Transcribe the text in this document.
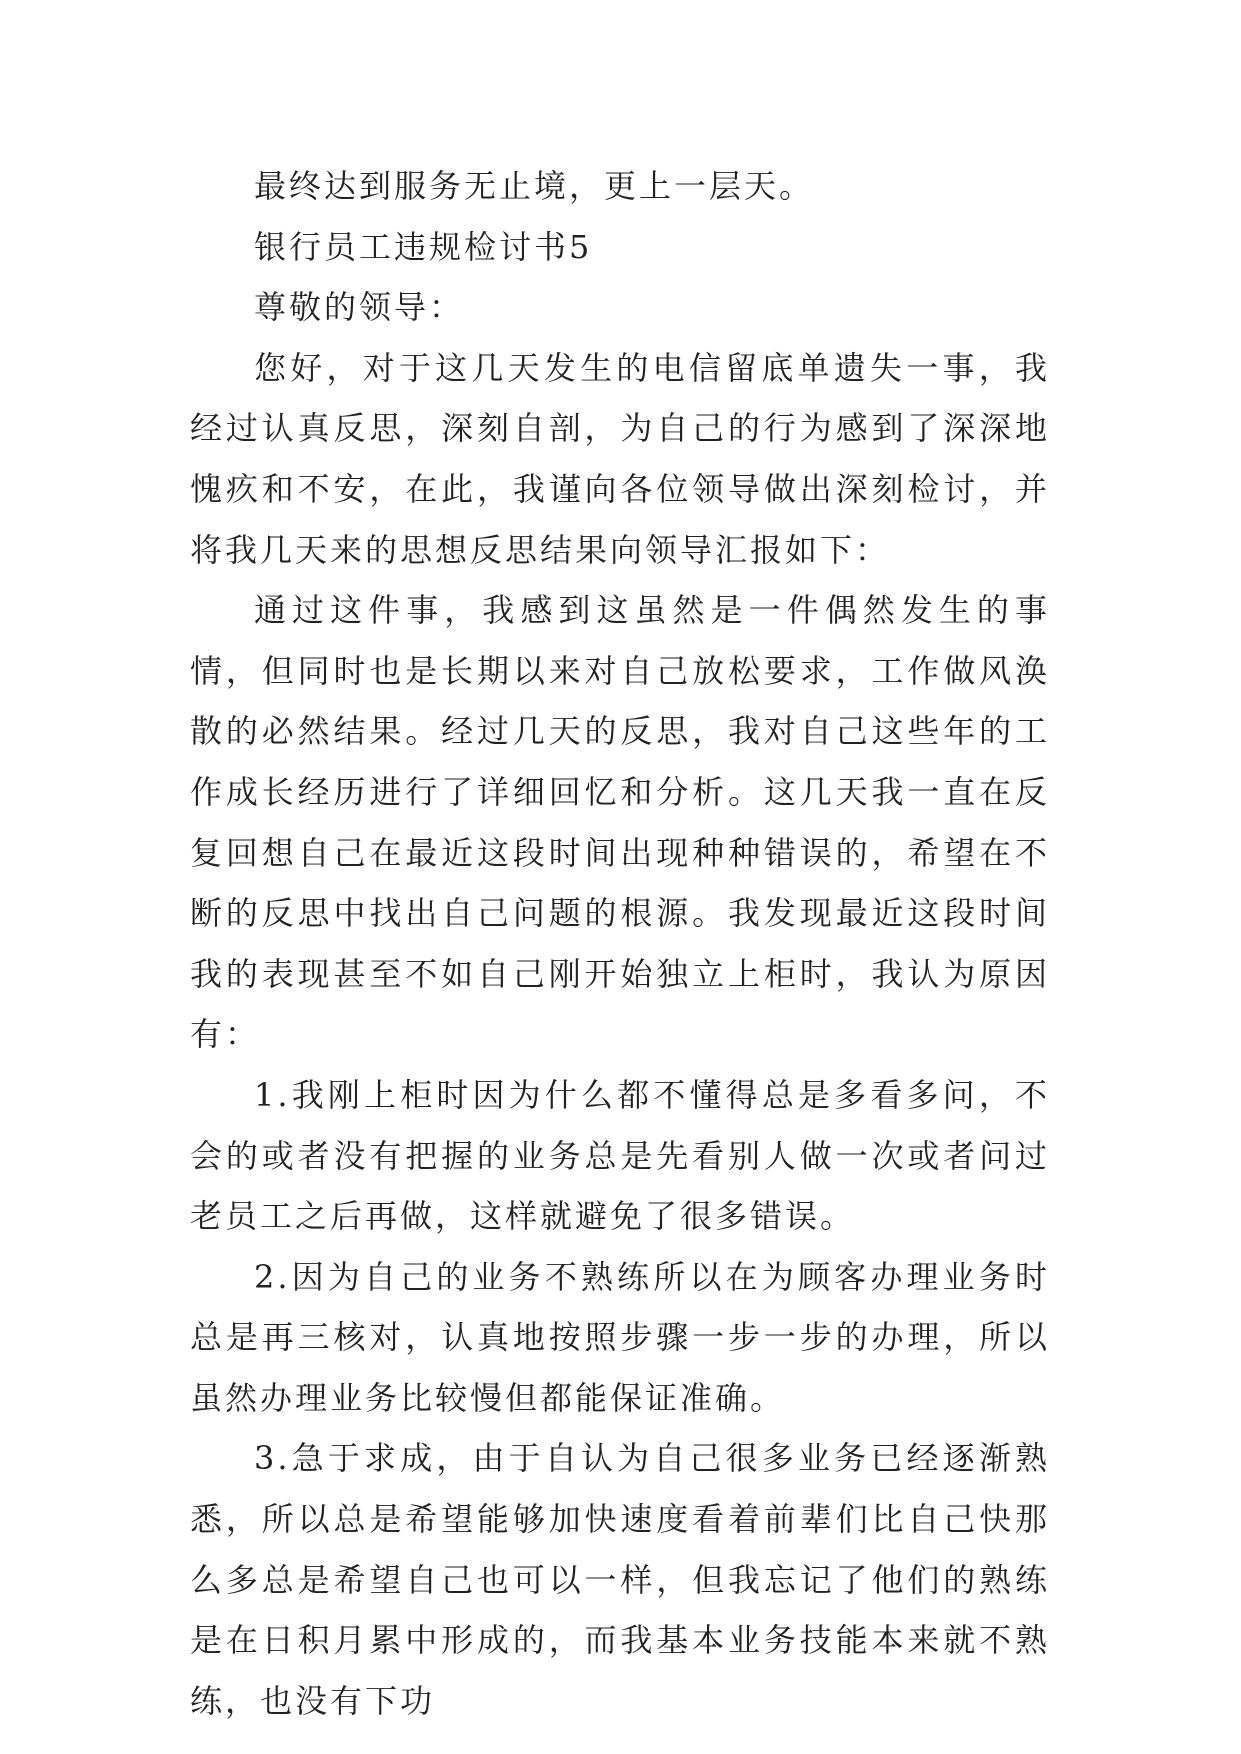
最终达到服务无止境，更上一层天。

银行员工违规检讨书5

尊敬的领导：

您好，对于这几天发生的电信留底单遗失一事，我经过认真反思，深刻自剖，为自己的行为感到了深深地愧疚和不安，在此，我谨向各位领导做出深刻检讨，并将我几天来的思想反思结果向领导汇报如下：

通过这件事，我感到这虽然是一件偶然发生的事情，但同时也是长期以来对自己放松要求，工作做风涣散的必然结果。经过几天的反思，我对自己这些年的工作成长经历进行了详细回忆和分析。这几天我一直在反复回想自己在最近这段时间出现种种错误的，希望在不断的反思中找出自己问题的根源。我发现最近这段时间我的表现甚至不如自己刚开始独立上柜时，我认为原因有：

1.我刚上柜时因为什么都不懂得总是多看多问，不会的或者没有把握的业务总是先看别人做一次或者问过老员工之后再做，这样就避免了很多错误。

2.因为自己的业务不熟练所以在为顾客办理业务时总是再三核对，认真地按照步骤一步一步的办理，所以虽然办理业务比较慢但都能保证准确。

3.急于求成，由于自认为自己很多业务已经逐渐熟悉，所以总是希望能够加快速度看着前辈们比自己快那么多总是希望自己也可以一样，但我忘记了他们的熟练是在日积月累中形成的，而我基本业务技能本来就不熟练，也没有下功
